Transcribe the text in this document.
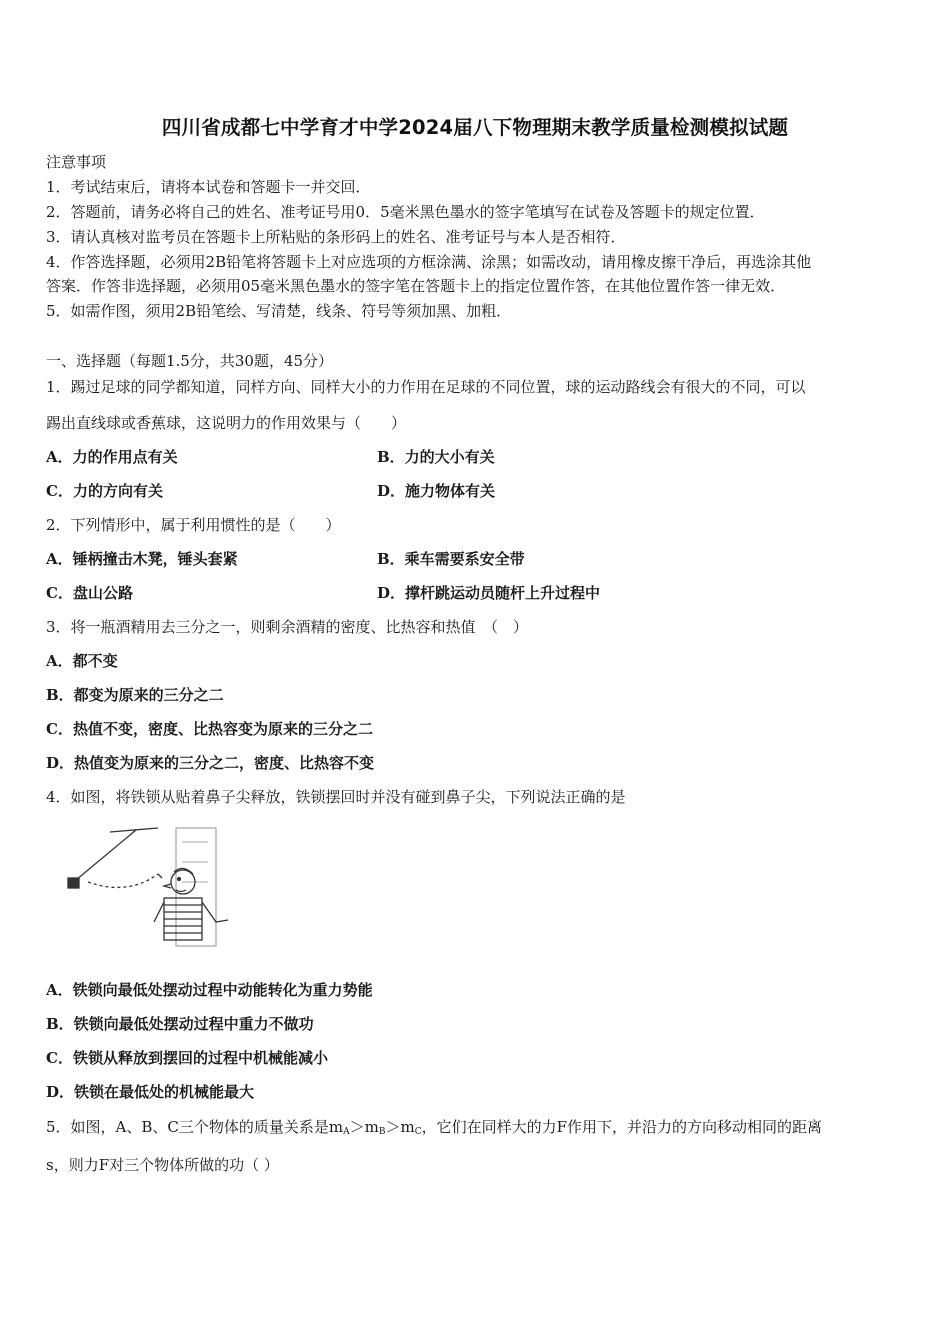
四川省成都七中学育才中学2024届八下物理期末教学质量检测模拟试题
注意事项
1．考试结束后，请将本试卷和答题卡一并交回．
2．答题前，请务必将自己的姓名、准考证号用0．5毫米黑色墨水的签字笔填写在试卷及答题卡的规定位置．
3．请认真核对监考员在答题卡上所粘贴的条形码上的姓名、准考证号与本人是否相符．
4．作答选择题，必须用2B铅笔将答题卡上对应选项的方框涂满、涂黑；如需改动，请用橡皮擦干净后，再选涂其他
答案．作答非选择题，必须用05毫米黑色墨水的签字笔在答题卡上的指定位置作答，在其他位置作答一律无效．
5．如需作图，须用2B铅笔绘、写清楚，线条、符号等须加黑、加粗．
一、选择题（每题1.5分，共30题，45分）
1．踢过足球的同学都知道，同样方向、同样大小的力作用在足球的不同位置，球的运动路线会有很大的不同，可以
踢出直线球或香蕉球，这说明力的作用效果与（　　）
A．力的作用点有关	B．力的大小有关
C．力的方向有关	D．施力物体有关
2．下列情形中，属于利用惯性的是（　　）
A．锤柄撞击木凳，锤头套紧	B．乘车需要系安全带
C．盘山公路	D．撑杆跳运动员随杆上升过程中
3．将一瓶酒精用去三分之一，则剩余酒精的密度、比热容和热值　（　）
A．都不变
B．都变为原来的三分之二
C．热值不变，密度、比热容变为原来的三分之二
D．热值变为原来的三分之二，密度、比热容不变
4．如图，将铁锁从贴着鼻子尖释放，铁锁摆回时并没有碰到鼻子尖，下列说法正确的是
A．铁锁向最低处摆动过程中动能转化为重力势能
B．铁锁向最低处摆动过程中重力不做功
C．铁锁从释放到摆回的过程中机械能减小
D．铁锁在最低处的机械能最大
5．如图，A、B、C三个物体的质量关系是$m_A>m_B>m_C$，它们在同样大的力F作用下，并沿力的方向移动相同的距离
s，则力F对三个物体所做的功（ ）
